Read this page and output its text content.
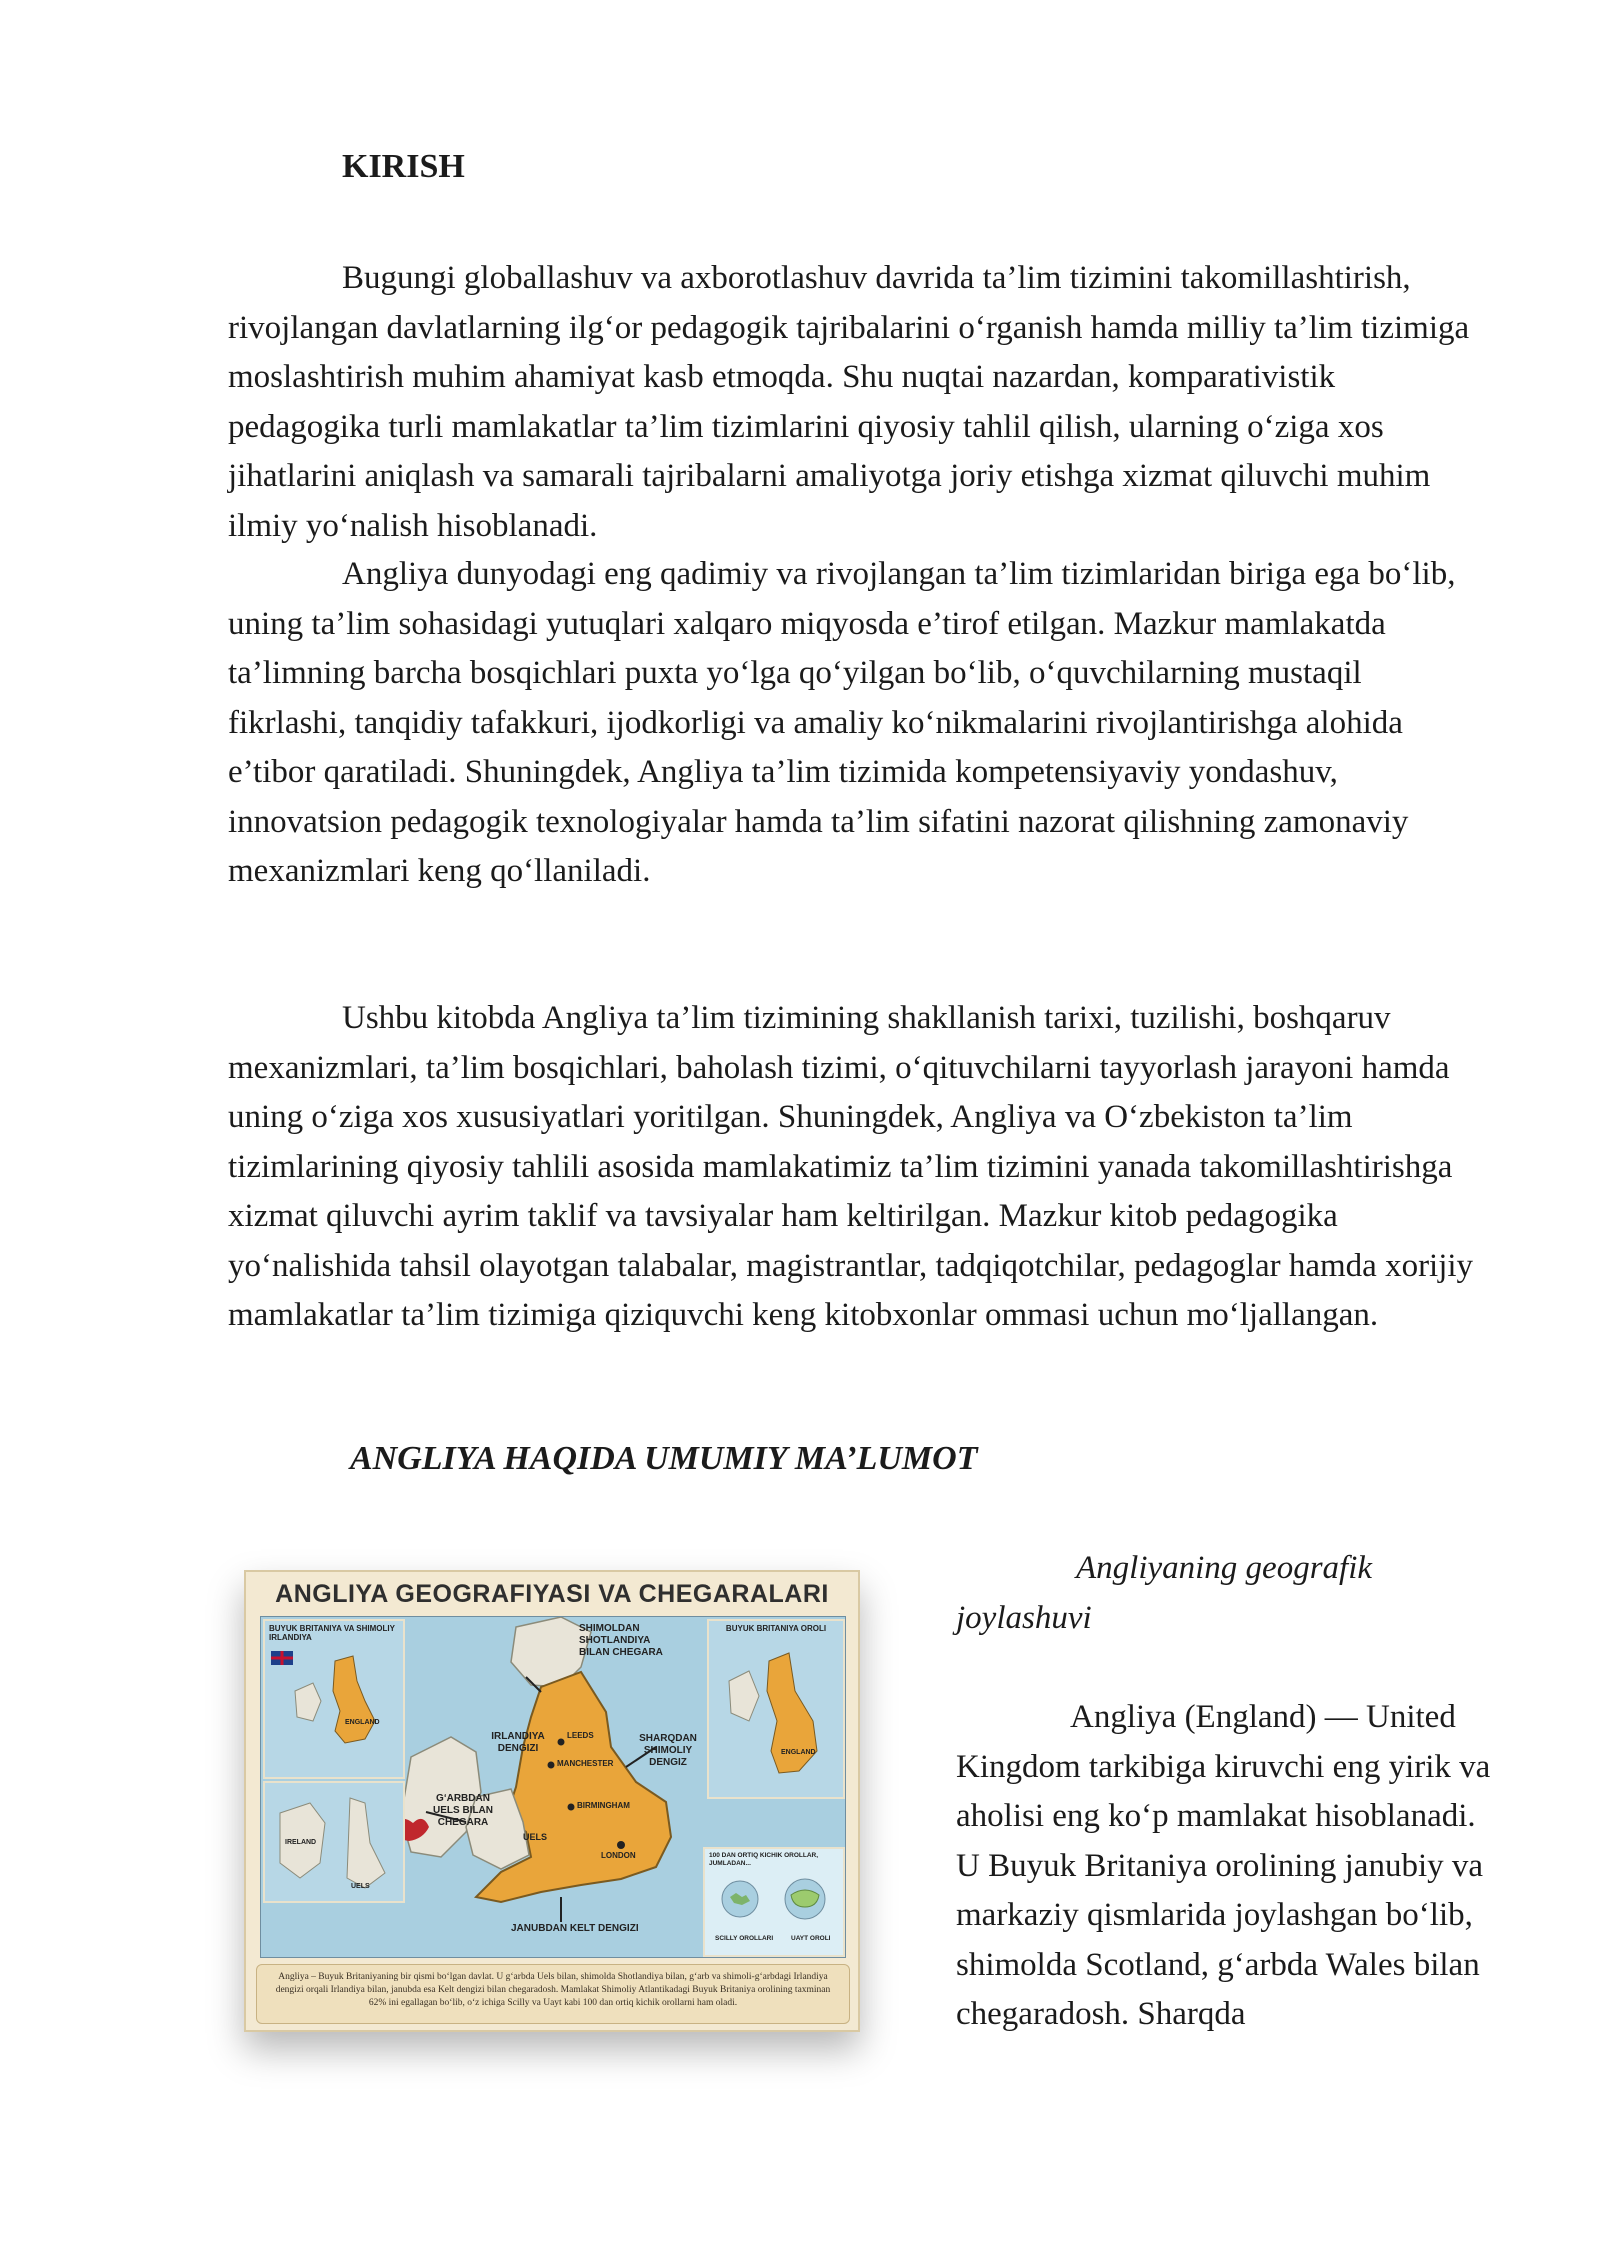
KIRISH

Bugungi globallashuv va axborotlashuv davrida ta’lim tizimini takomillashtirish, rivojlangan davlatlarning ilg‘or pedagogik tajribalarini o‘rganish hamda milliy ta’lim tizimiga moslashtirish muhim ahamiyat kasb etmoqda. Shu nuqtai nazardan, komparativistik pedagogika turli mamlakatlar ta’lim tizimlarini qiyosiy tahlil qilish, ularning o‘ziga xos jihatlarini aniqlash va samarali tajribalarni amaliyotga joriy etishga xizmat qiluvchi muhim ilmiy yo‘nalish hisoblanadi.

Angliya dunyodagi eng qadimiy va rivojlangan ta’lim tizimlaridan biriga ega bo‘lib, uning ta’lim sohasidagi yutuqlari xalqaro miqyosda e’tirof etilgan. Mazkur mamlakatda ta’limning barcha bosqichlari puxta yo‘lga qo‘yilgan bo‘lib, o‘quvchilarning mustaqil fikrlashi, tanqidiy tafakkuri, ijodkorligi va amaliy ko‘nikmalarini rivojlantirishga alohida e’tibor qaratiladi. Shuningdek, Angliya ta’lim tizimida kompetensiyaviy yondashuv, innovatsion pedagogik texnologiyalar hamda ta’lim sifatini nazorat qilishning zamonaviy mexanizmlari keng qo‘llaniladi.

Ushbu kitobda Angliya ta’lim tizimining shakllanish tarixi, tuzilishi, boshqaruv mexanizmlari, ta’lim bosqichlari, baholash tizimi, o‘qituvchilarni tayyorlash jarayoni hamda uning o‘ziga xos xususiyatlari yoritilgan. Shuningdek, Angliya va O‘zbekiston ta’lim tizimlarining qiyosiy tahlili asosida mamlakatimiz ta’lim tizimini yanada takomillashtirishga xizmat qiluvchi ayrim taklif va tavsiyalar ham keltirilgan. Mazkur kitob pedagogika yo‘nalishida tahsil olayotgan talabalar, magistrantlar, tadqiqotchilar, pedagoglar hamda xorijiy mamlakatlar ta’lim tizimiga qiziquvchi keng kitobxonlar ommasi uchun mo‘ljallangan.

ANGLIYA HAQIDA UMUMIY MA’LUMOT

Angliyaning geografik joylashuvi

Angliya (England) — United Kingdom tarkibiga kiruvchi eng yirik va aholisi eng ko‘p mamlakat hisoblanadi. U Buyuk Britaniya orolining janubiy va markaziy qismlarida joylashgan bo‘lib, shimolda Scotland, g‘arbda Wales bilan chegaradosh. Sharqda

ANGLIYA GEOGRAFIYASI VA CHEGARALARI
BUYUK BRITANIYA VA SHIMOLIY IRLANDIYA
ENGLAND
IRELAND
UELS
BUYUK BRITANIYA OROLI
ENGLAND
100 DAN ORTIQ KICHIK OROLLAR, JUMLADAN...
SCILLY OROLLARI	UAYT OROLI
SHIMOLDAN SHOTLANDIYA BILAN CHEGARA
SHARQDAN SHIMOLIY DENGIZ
IRLANDIYA DENGIZI
G‘ARBDAN UELS BILAN CHEGARA
UELS
LEEDS
MANCHESTER
BIRMINGHAM
LONDON
JANUBDAN KELT DENGIZI
Angliya – Buyuk Britaniyaning bir qismi bo‘lgan davlat. U g‘arbda Uels bilan, shimolda Shotlandiya bilan, g‘arb va shimoli-g‘arbdagi Irlandiya dengizi orqali Irlandiya bilan, janubda esa Kelt dengizi bilan chegaradosh. Mamlakat Shimoliy Atlantikadagi Buyuk Britaniya orolining taxminan 62% ini egallagan bo‘lib, o‘z ichiga Scilly va Uayt kabi 100 dan ortiq kichik orollarni ham oladi.
